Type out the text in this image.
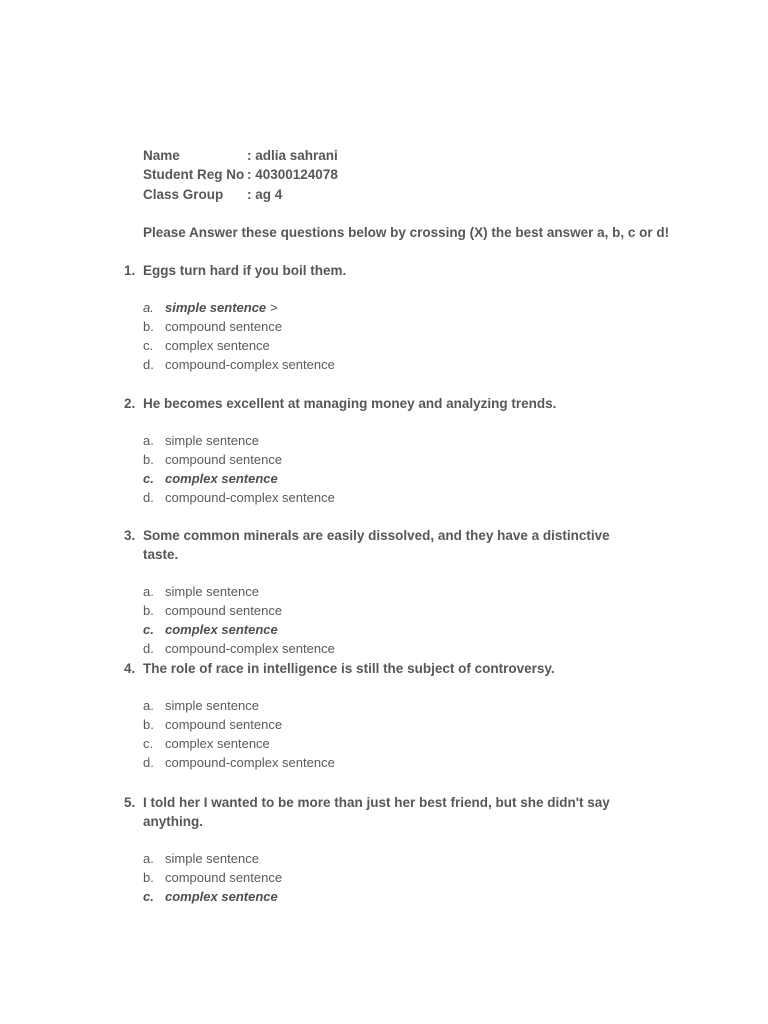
Name	: adlia sahrani
Student Reg No : 40300124078
Class Group	: ag 4
Please Answer these questions below by crossing (X) the best answer a, b, c or d!
1. Eggs turn hard if you boil them.
a. simple sentence >
b. compound sentence
c. complex sentence
d. compound-complex sentence
2. He becomes excellent at managing money and analyzing trends.
a. simple sentence
b. compound sentence
c. complex sentence
d. compound-complex sentence
3. Some common minerals are easily dissolved, and they have a distinctive taste.
a. simple sentence
b. compound sentence
c. complex sentence
d. compound-complex sentence
4. The role of race in intelligence is still the subject of controversy.
a. simple sentence
b. compound sentence
c. complex sentence
d. compound-complex sentence
5. I told her I wanted to be more than just her best friend, but she didn't say anything.
a. simple sentence
b. compound sentence
c. complex sentence
